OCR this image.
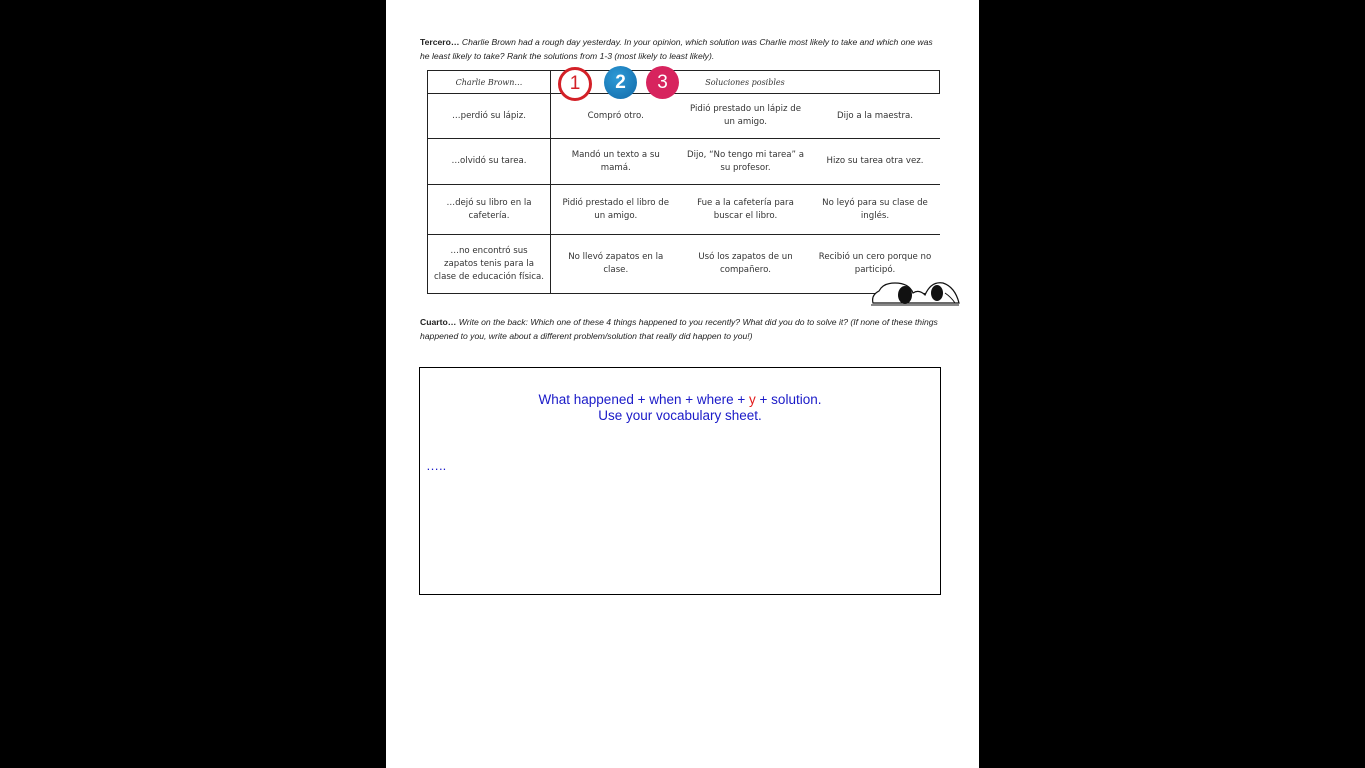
Tercero… Charlie Brown had a rough day yesterday. In your opinion, which solution was Charlie most likely to take and which one was he least likely to take? Rank the solutions from 1-3 (most likely to least likely).
Charlie Brown…	Soluciones posibles		
…perdió su lápiz.	Compró otro.	Pidió prestado un lápiz de un amigo.	Dijo a la maestra.
…olvidó su tarea.	Mandó un texto a su mamá.	Dijo, “No tengo mi tarea” a su profesor.	Hizo su tarea otra vez.
…dejó su libro en la cafetería.	Pidió prestado el libro de un amigo.	Fue a la cafetería para buscar el libro.	No leyó para su clase de inglés.
…no encontró sus zapatos tenis para la clase de educación física.	No llevó zapatos en la clase.	Usó los zapatos de un compañero.	Recibió un cero porque no participó.
1	2	3
Cuarto… Write on the back: Which one of these 4 things happened to you recently? What did you do to solve it? (If none of these things happened to you, write about a different problem/solution that really did happen to you!)
What happened + when + where + y + solution.
Use your vocabulary sheet.
…..
